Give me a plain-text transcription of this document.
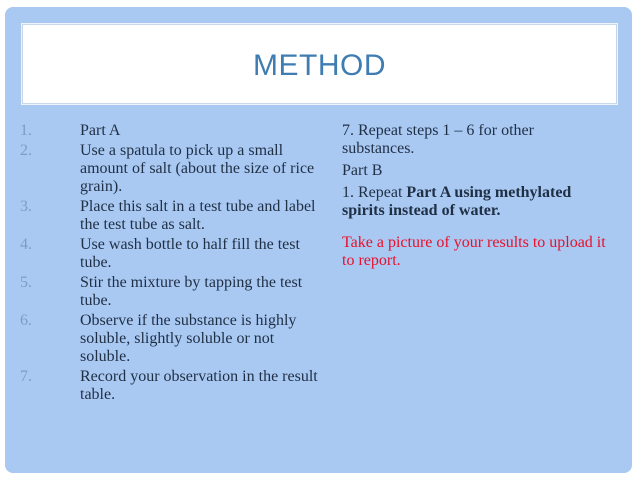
METHOD
1.	Part A
2.	Use a spatula to pick up a small amount of salt (about the size of rice grain).
3.	Place this salt in a test tube and label the test tube as salt.
4.	Use wash bottle to half fill the test tube.
5.	Stir the mixture by tapping the test tube.
6.	Observe if the substance is highly soluble, slightly soluble or not soluble.
7.	Record your observation in the result table.

7. Repeat steps 1 – 6 for other substances.

Part B

1. Repeat Part A using methylated spirits instead of water.

Take a picture of your results to upload it to report.
